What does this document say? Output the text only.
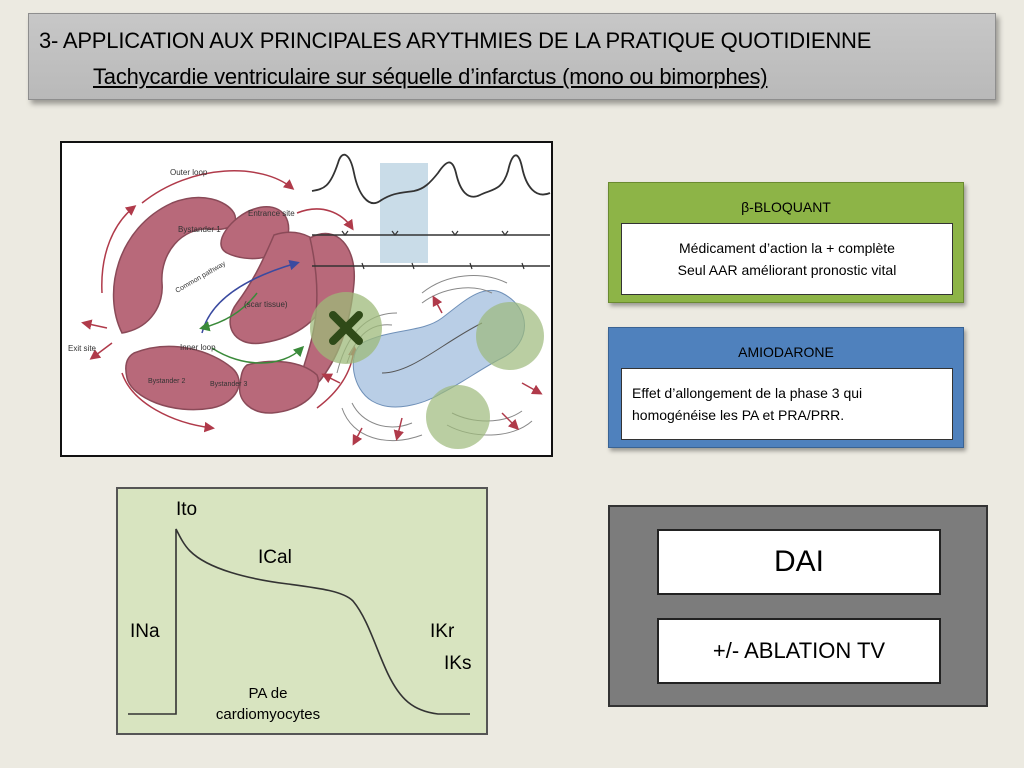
3- APPLICATION AUX PRINCIPALES ARYTHMIES DE LA PRATIQUE QUOTIDIENNE
Tachycardie ventriculaire sur séquelle d’infarctus (mono ou bimorphes)
Outer loop
Entrance site
Bystander 1
Common pathway
(scar tissue)
Exit site	Inner loop
Bystander 2	Bystander 3
β-BLOQUANT
Médicament d’action la + complète
Seul AAR améliorant pronostic vital
AMIODARONE
Effet d’allongement de la phase 3 qui
homogénéise les PA et PRA/PRR.
Ito
ICal
INa	IKr
IKs
PA de
cardiomyocytes
DAI
+/- ABLATION TV
